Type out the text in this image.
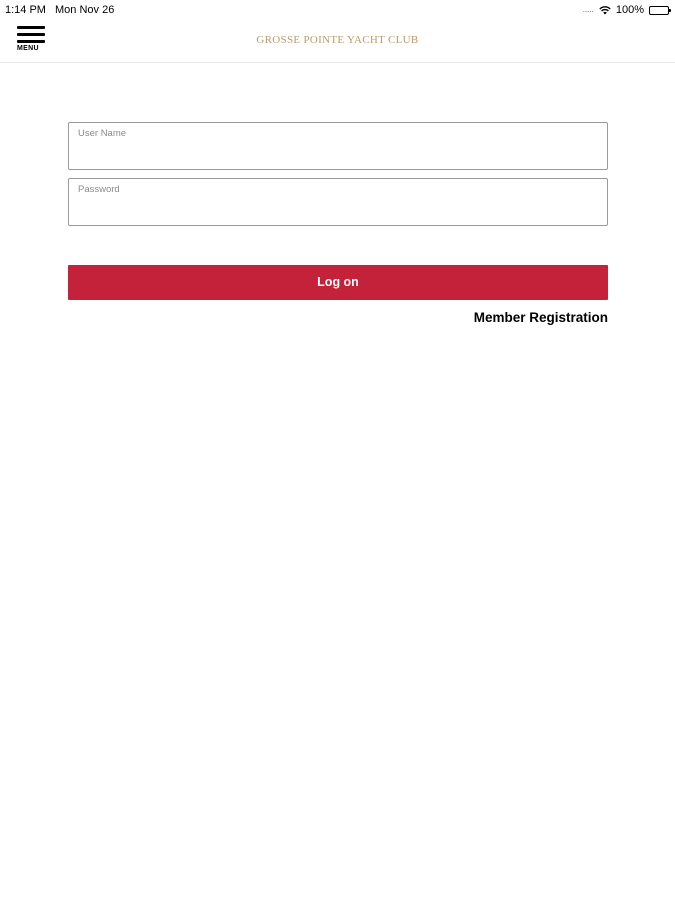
1:14 PM Mon Nov 26	..... 100%
GROSSE POINTE YACHT CLUB
MENU
User Name
Password
Log on
Member Registration
